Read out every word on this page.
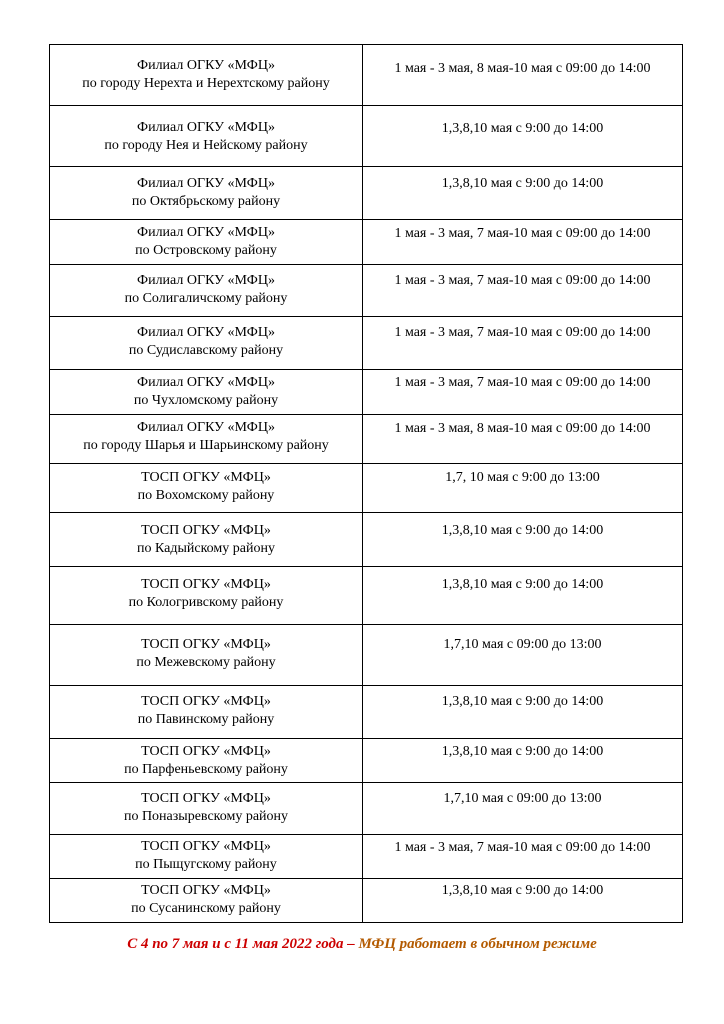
Филиал ОГКУ «МФЦ»
по городу Нерехта и Нерехтскому району	1 мая - 3 мая, 8 мая-10 мая с 09:00 до 14:00

Филиал ОГКУ «МФЦ»
по городу Нея и Нейскому району	1,3,8,10 мая с 9:00 до 14:00

Филиал ОГКУ «МФЦ»
по Октябрьскому району	1,3,8,10 мая с 9:00 до 14:00

Филиал ОГКУ «МФЦ»
по Островскому району	1 мая - 3 мая, 7 мая-10 мая с 09:00 до 14:00

Филиал ОГКУ «МФЦ»
по Солигаличскому району	1 мая - 3 мая, 7 мая-10 мая с 09:00 до 14:00

Филиал ОГКУ «МФЦ»
по Судиславскому району	1 мая - 3 мая, 7 мая-10 мая с 09:00 до 14:00

Филиал ОГКУ «МФЦ»
по Чухломскому району	1 мая - 3 мая, 7 мая-10 мая с 09:00 до 14:00

Филиал ОГКУ «МФЦ»
по городу Шарья и Шарьинскому району	1 мая - 3 мая, 8 мая-10 мая с 09:00 до 14:00

ТОСП ОГКУ «МФЦ»
по Вохомскому району	1,7, 10 мая с 9:00 до 13:00

ТОСП ОГКУ «МФЦ»
по Кадыйскому району	1,3,8,10 мая с 9:00 до 14:00

ТОСП ОГКУ «МФЦ»
по Кологривскому району	1,3,8,10 мая с 9:00 до 14:00

ТОСП ОГКУ «МФЦ»
по Межевскому району	1,7,10 мая с 09:00 до 13:00

ТОСП ОГКУ «МФЦ»
по Павинскому району	1,3,8,10 мая с 9:00 до 14:00

ТОСП ОГКУ «МФЦ»
по Парфеньевскому району	1,3,8,10 мая с 9:00 до 14:00

ТОСП ОГКУ «МФЦ»
по Поназыревскому району	1,7,10 мая с 09:00 до 13:00

ТОСП ОГКУ «МФЦ»
по Пыщугскому району	1 мая - 3 мая, 7 мая-10 мая с 09:00 до 14:00

ТОСП ОГКУ «МФЦ»
по Сусанинскому району	1,3,8,10 мая с 9:00 до 14:00
С 4 по 7 мая и с 11 мая 2022 года – МФЦ работает в обычном режиме
